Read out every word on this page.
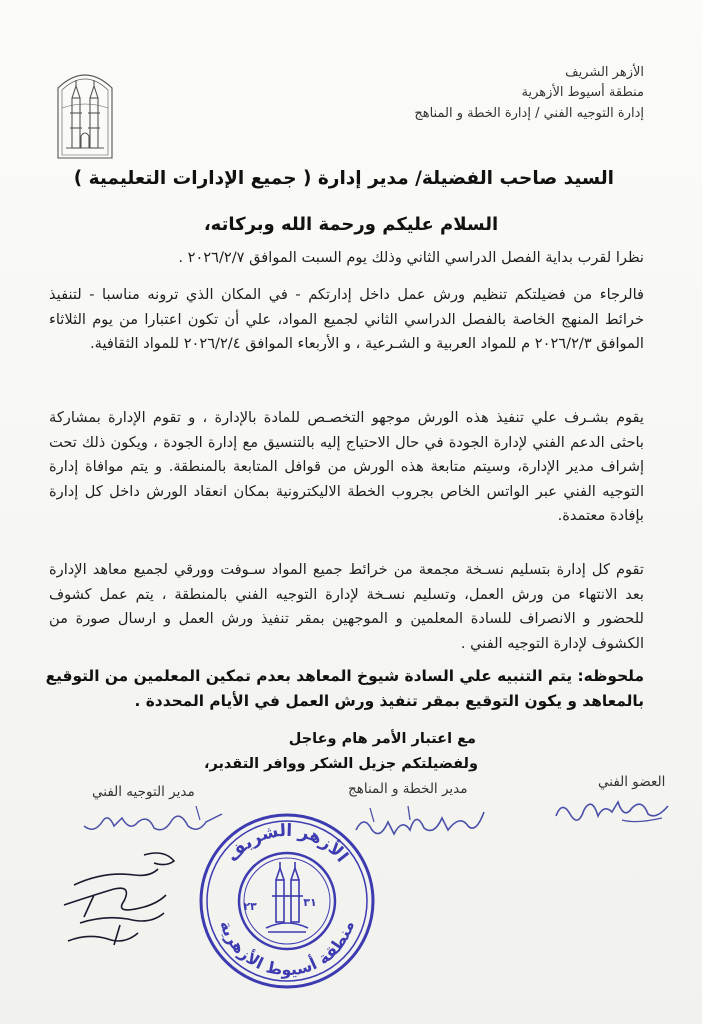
الأزهر الشريف
منطقة أسيوط الأزهرية
إدارة التوجيه الفني / إدارة الخطة و المناهج
السيد صاحب الفضيلة/ مدير إدارة ( جميع الإدارات التعليمية )
السلام عليكم ورحمة الله وبركاته،
نظرا لقرب بداية الفصل الدراسي الثاني وذلك يوم السبت الموافق ٢٠٢٦/٢/٧ .
فالرجاء من فضيلتكم تنظيم ورش عمل داخل إدارتكم - في المكان الذي ترونه مناسبا - لتنفيذ خرائط المنهج الخاصة بالفصل الدراسي الثاني لجميع المواد، علي أن تكون اعتبارا من يوم الثلاثاء الموافق ٢٠٢٦/٢/٣ م للمواد العربية و الشـرعية ، و الأربعاء الموافق ٢٠٢٦/٢/٤ للمواد الثقافية.
يقوم بشـرف علي تنفيذ هذه الورش موجهو التخصـص للمادة بالإدارة ، و تقوم الإدارة بمشاركة باحثى الدعم الفني لإدارة الجودة في حال الاحتياج إليه بالتنسيق مع إدارة الجودة ، ويكون ذلك تحت إشراف مدير الإدارة، وسيتم متابعة هذه الورش من قوافل المتابعة بالمنطقة. و يتم موافاة إدارة التوجيه الفني عبر الواتس الخاص بجروب الخطة الاليكترونية بمكان انعقاد الورش داخل كل إدارة بإفادة معتمدة.
تقوم كل إدارة بتسليم نسـخة مجمعة من خرائط جميع المواد سـوفت وورقي لجميع معاهد الإدارة بعد الانتهاء من ورش العمل، وتسليم نسـخة لإدارة التوجيه الفني بالمنطقة ، يتم عمل كشوف للحضور و الانصراف للسادة المعلمين و الموجهين بمقر تنفيذ ورش العمل و ارسال صورة من الكشوف لإدارة التوجيه الفني .
ملحوظه: يتم التنبيه علي السادة شيوخ المعاهد بعدم تمكين المعلمين من التوقيع بالمعاهد و يكون التوقيع بمقر تنفيذ ورش العمل في الأيام المحددة .
مع اعتبار الأمر هام وعاجل
ولفضيلتكم جزيل الشكر ووافر التقدير،
العضو الفني
مدير الخطة و المناهج
مدير التوجيه الفني
الأزهر الشريف
منطقة أسيوط الأزهرية
٣١
٢٣
